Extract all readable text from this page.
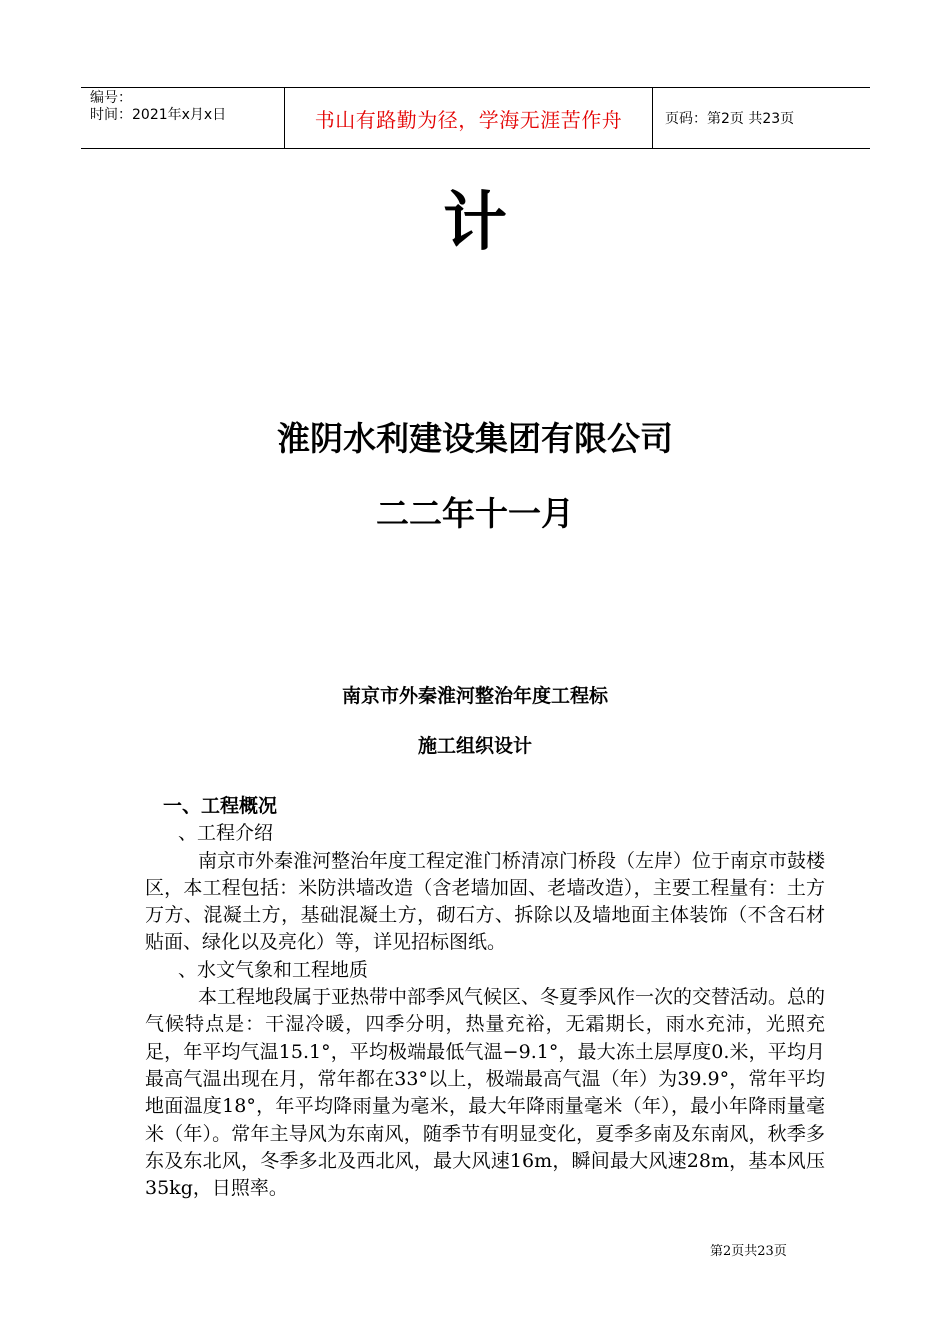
编号：
时间：2021年x月x日	书山有路勤为径，学海无涯苦作舟	页码：第2页 共23页
计
淮阴水利建设集团有限公司
二二年十一月
南京市外秦淮河整治年度工程标
施工组织设计

一、工程概况

、工程介绍

南京市外秦淮河整治年度工程定淮门桥清凉门桥段（左岸）位于南京市鼓楼区，本工程包括：米防洪墙改造（含老墙加固、老墙改造），主要工程量有：土方万方、混凝土方，基础混凝土方，砌石方、拆除以及墙地面主体装饰（不含石材贴面、绿化以及亮化）等，详见招标图纸。

、水文气象和工程地质

本工程地段属于亚热带中部季风气候区、冬夏季风作一次的交替活动。总的气候特点是：干湿冷暖，四季分明，热量充裕，无霜期长，雨水充沛，光照充足，年平均气温15.1°，平均极端最低气温−9.1°，最大冻土层厚度0.米，平均月最高气温出现在月，常年都在33°以上，极端最高气温（年）为39.9°，常年平均地面温度18°，年平均降雨量为毫米，最大年降雨量毫米（年），最小年降雨量毫米（年）。常年主导风为东南风，随季节有明显变化，夏季多南及东南风，秋季多东及东北风，冬季多北及西北风，最大风速16m，瞬间最大风速28m，基本风压35kg，日照率。

第2页共23页
